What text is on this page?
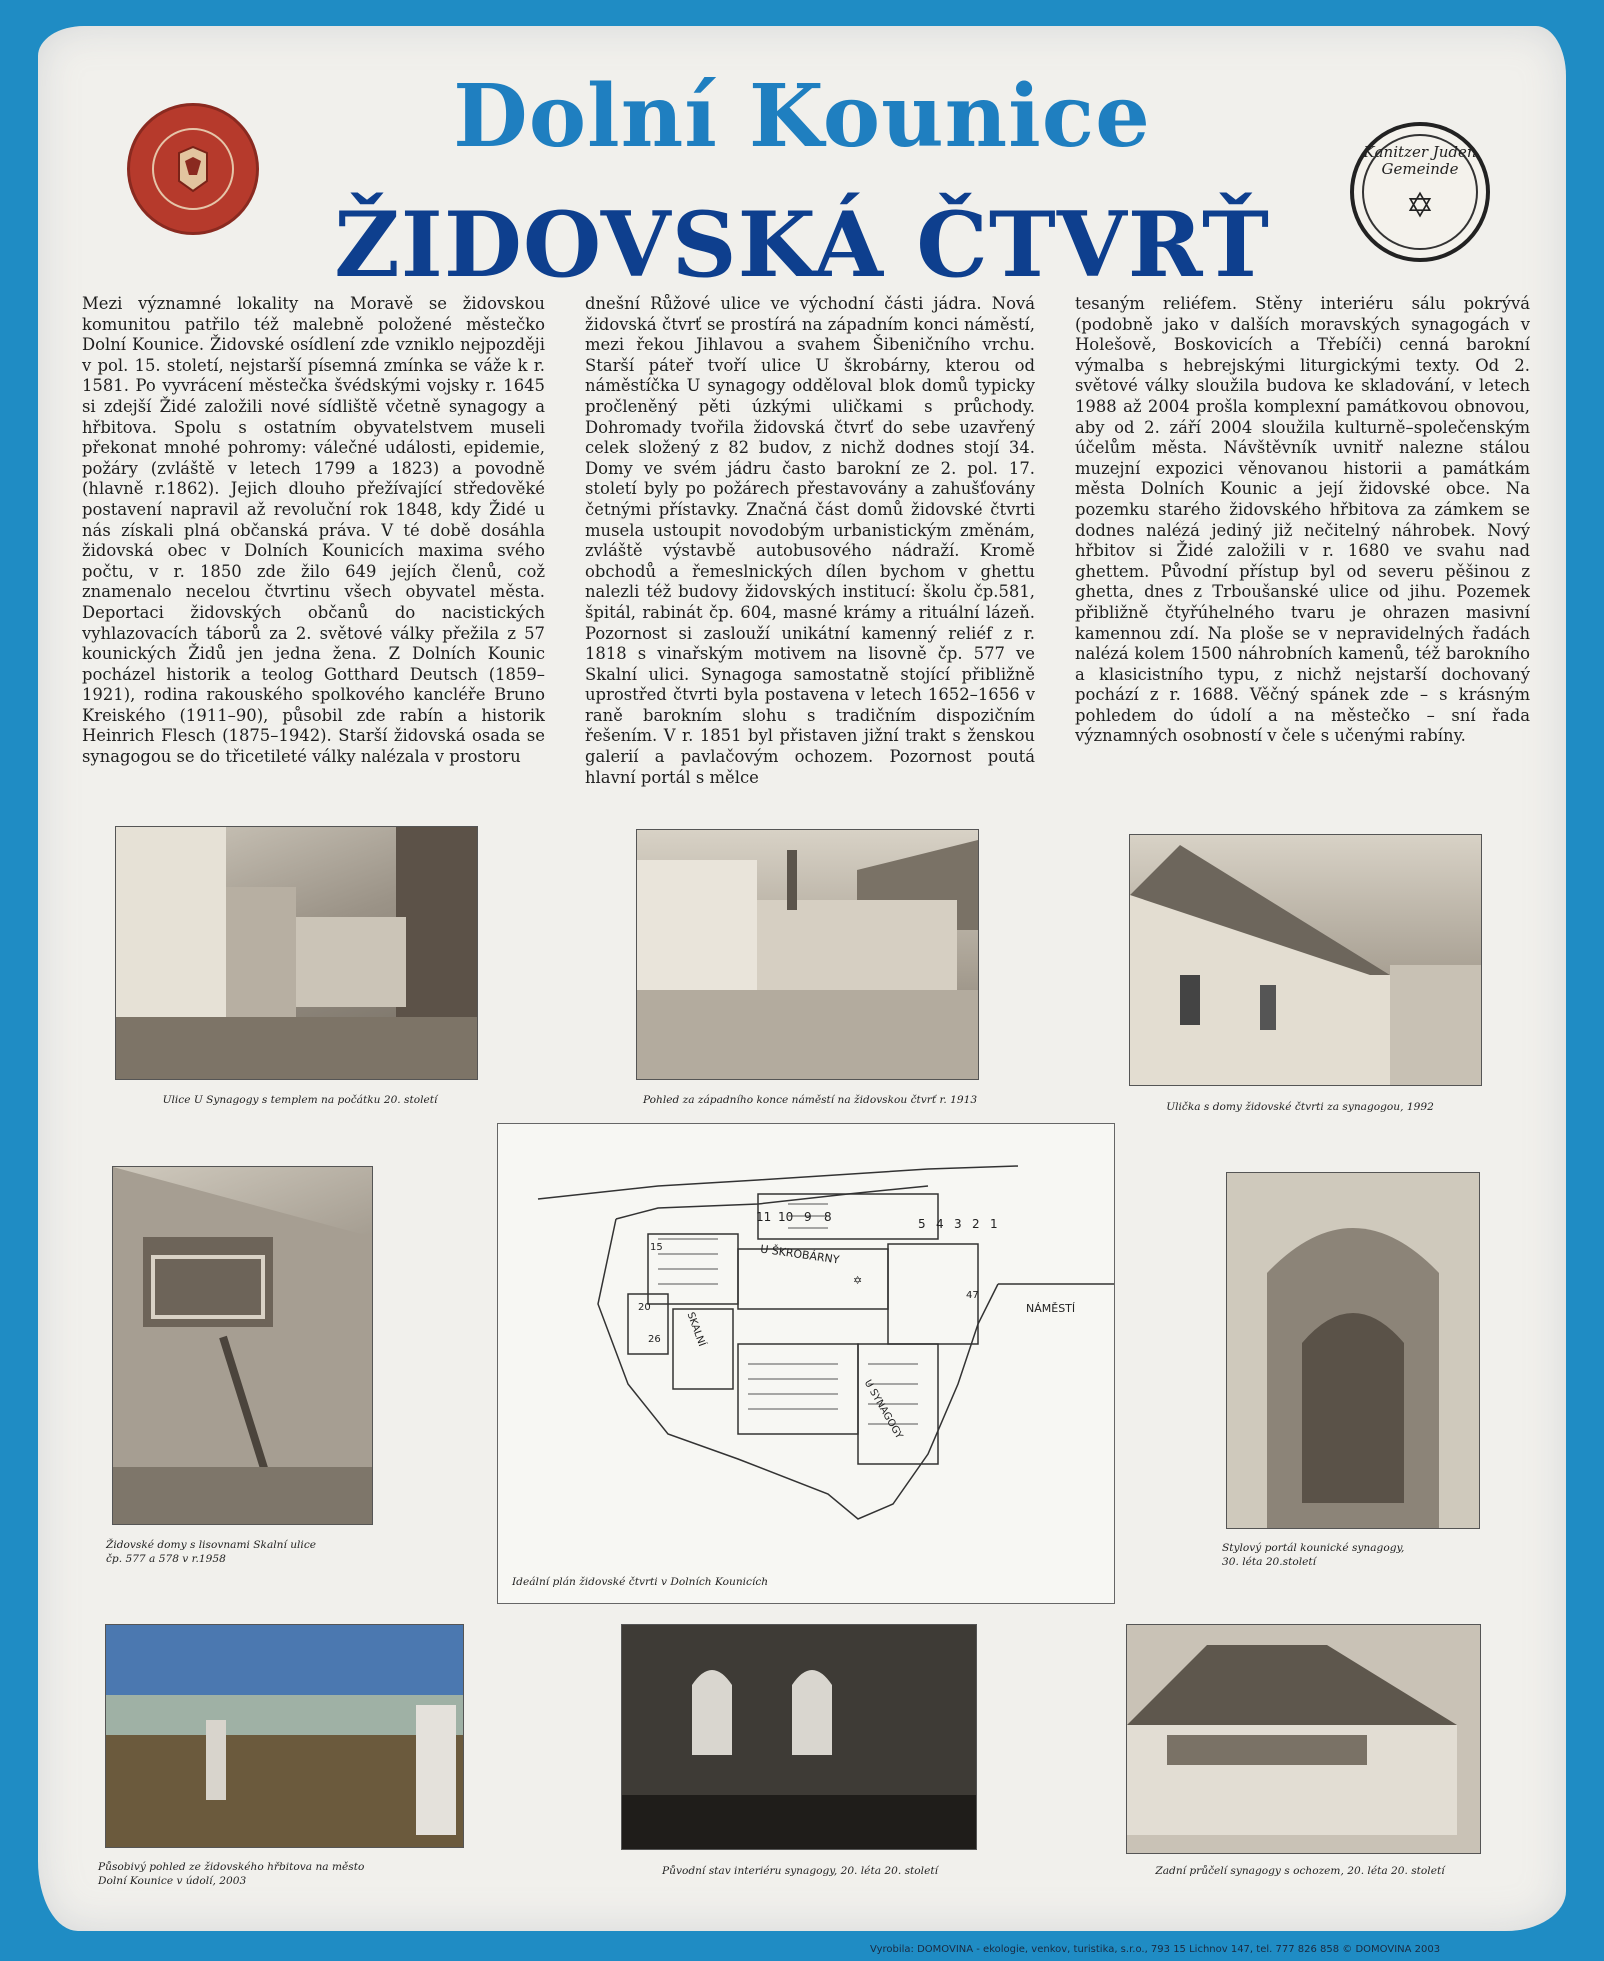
Kanitzer Juden Gemeinde
✡
Dolní Kounice
ŽIDOVSKÁ ČTVRŤ
Mezi významné lokality na Moravě se židovskou komunitou patřilo též malebně položené městečko Dolní Kounice. Židovské osídlení zde vzniklo nejpozději v pol. 15. století, nejstarší písemná zmínka se váže k r. 1581. Po vyvrácení městečka švédskými vojsky r. 1645 si zdejší Židé založili nové sídliště včetně synagogy a hřbitova. Spolu s ostatním obyvatelstvem museli překonat mnohé pohromy: válečné události, epidemie, požáry (zvláště v letech 1799 a 1823) a povodně (hlavně r.1862). Jejich dlouho přežívající středověké postavení napravil až revoluční rok 1848, kdy Židé u nás získali plná občanská práva. V té době dosáhla židovská obec v Dolních Kounicích maxima svého počtu, v r. 1850 zde žilo 649 jejích členů, což znamenalo necelou čtvrtinu všech obyvatel města. Deportaci židovských občanů do nacistických vyhlazovacích táborů za 2. světové války přežila z 57 kounických Židů jen jedna žena. Z Dolních Kounic pocházel historik a teolog Gotthard Deutsch (1859–1921), rodina rakouského spolkového kancléře Bruno Kreiského (1911–90), působil zde rabín a historik Heinrich Flesch (1875–1942). Starší židovská osada se synagogou se do třicetileté války nalézala v prostoru
dnešní Růžové ulice ve východní části jádra. Nová židovská čtvrť se prostírá na západním konci náměstí, mezi řekou Jihlavou a svahem Šibeničního vrchu. Starší páteř tvoří ulice U škrobárny, kterou od náměstíčka U synagogy odděloval blok domů typicky pročleněný pěti úzkými uličkami s průchody. Dohromady tvořila židovská čtvrť do sebe uzavřený celek složený z 82 budov, z nichž dodnes stojí 34. Domy ve svém jádru často barokní ze 2. pol. 17. století byly po požárech přestavovány a zahušťovány četnými přístavky. Značná část domů židovské čtvrti musela ustoupit novodobým urbanistickým změnám, zvláště výstavbě autobusového nádraží. Kromě obchodů a řemeslnických dílen bychom v ghettu nalezli též budovy židovských institucí: školu čp.581, špitál, rabinát čp. 604, masné krámy a rituální lázeň. Pozornost si zaslouží unikátní kamenný reliéf z r. 1818 s vinařským motivem na lisovně čp. 577 ve Skalní ulici. Synagoga samostatně stojící přibližně uprostřed čtvrti byla postavena v letech 1652–1656 v raně barokním slohu s tradičním dispozičním řešením. V r. 1851 byl přistaven jižní trakt s ženskou galerií a pavlačovým ochozem. Pozornost poutá hlavní portál s mělce
tesaným reliéfem. Stěny interiéru sálu pokrývá (podobně jako v dalších moravských synagogách v Holešově, Boskovicích a Třebíči) cenná barokní výmalba s hebrejskými liturgickými texty. Od 2. světové války sloužila budova ke skladování, v letech 1988 až 2004 prošla komplexní památkovou obnovou, aby od 2. září 2004 sloužila kulturně–společenským účelům města. Návštěvník uvnitř nalezne stálou muzejní expozici věnovanou historii a památkám města Dolních Kounic a její židovské obce. Na pozemku starého židovského hřbitova za zámkem se dodnes nalézá jediný již nečitelný náhrobek. Nový hřbitov si Židé založili v r. 1680 ve svahu nad ghettem. Původní přístup byl od severu pěšinou z ghetta, dnes z Trboušanské ulice od jihu. Pozemek přibližně čtyřúhelného tvaru je ohrazen masivní kamennou zdí. Na ploše se v nepravidelných řadách nalézá kolem 1500 náhrobních kamenů, též barokního a klasicistního typu, z nichž nejstarší dochovaný pochází z r. 1688. Věčný spánek zde – s krásným pohledem do údolí a na městečko – sní řada významných osobností v čele s učenými rabíny.
Ulice U Synagogy s templem na počátku 20. století	Pohled za západního konce náměstí na židovskou čtvrť r. 1913
Ulička s domy židovské čtvrti za synagogou, 1992
Židovské domy s lisovnami Skalní ulice
čp. 577 a 578 v r.1958
✡
U ŠKROBÁRNY
SKALNÍ
U SYNAGOGY
NÁMĚSTÍ
11 10 9 8	5 4 3 2 1
47
15
20
26
Ideální plán židovské čtvrti v Dolních Kounicích
Stylový portál kounické synagogy,
30. léta 20.století
Působivý pohled ze židovského hřbitova na město
Dolní Kounice v údolí, 2003
Původní stav interiéru synagogy, 20. léta 20. století	Zadní průčelí synagogy s ochozem, 20. léta 20. století
Vyrobila: DOMOVINA - ekologie, venkov, turistika, s.r.o., 793 15 Lichnov 147, tel. 777 826 858 © DOMOVINA 2003
